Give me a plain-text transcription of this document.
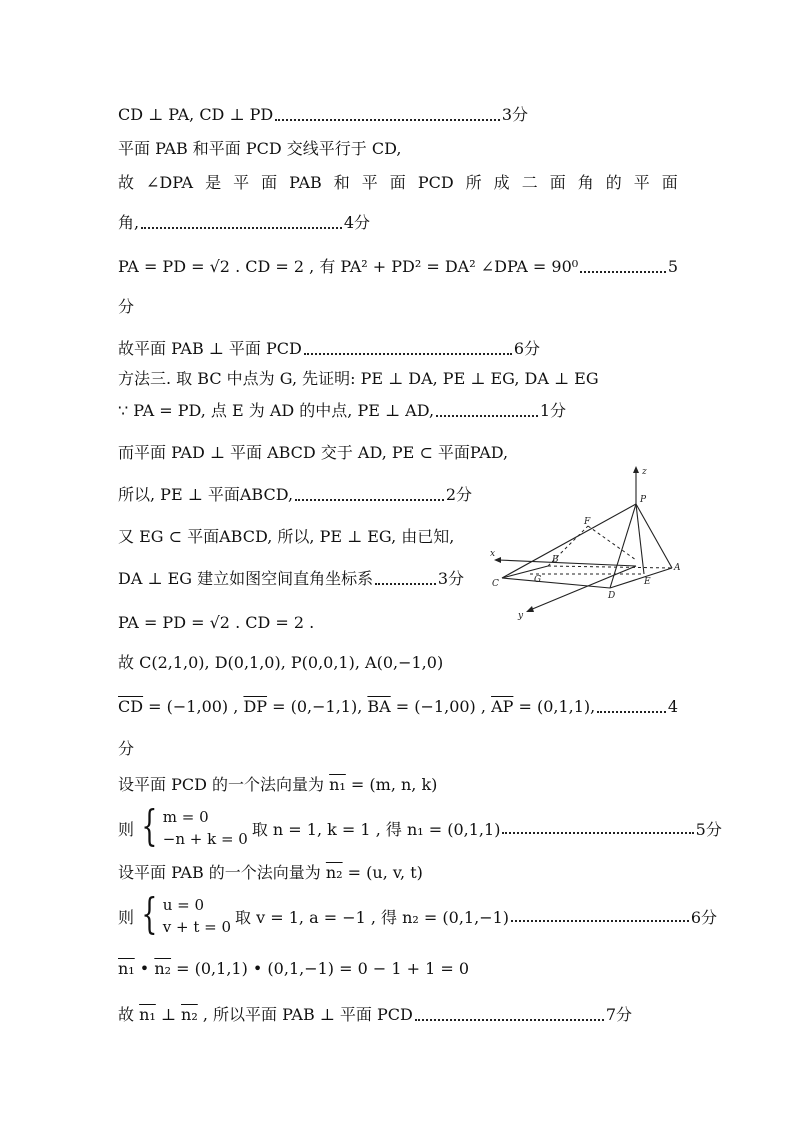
CD ⊥ PA, CD ⊥ PD	3分
平面 PAB 和平面 PCD 交线平行于 CD,
故 ∠DPA 是 平 面 PAB 和 平 面 PCD 所 成 二 面 角 的 平 面
角,	4分
PA = PD = √2 . CD = 2 , 有 PA² + PD² = DA² ∠DPA = 90⁰	5
分
故平面 PAB ⊥ 平面 PCD	6分
方法三. 取 BC 中点为 G, 先证明: PE ⊥ DA, PE ⊥ EG, DA ⊥ EG
∵ PA = PD, 点 E 为 AD 的中点, PE ⊥ AD,	1分
而平面 PAD ⊥ 平面 ABCD 交于 AD, PE ⊂ 平面PAD,
所以, PE ⊥ 平面ABCD,	2分
又 EG ⊂ 平面ABCD, 所以, PE ⊥ EG, 由已知,
DA ⊥ EG 建立如图空间直角坐标系	3分
PA = PD = √2 . CD = 2 .
故 C(2,1,0), D(0,1,0), P(0,0,1), A(0,−1,0)
$\overline{CD} = (-1,00)$ , $\overline{DP} = (0,-1,1)$, $\overline{BA} = (-1,00)$ , $\overline{AP} = (0,1,1)$,	4
分
设平面 PCD 的一个法向量为 n₁ = (m, n, k)
则 { m = 0
−n + k = 0
取 n = 1, k = 1 , 得 n₁ = (0,1,1)	5分
设平面 PAB 的一个法向量为 n₂ = (u, v, t)
则 { u = 0
v + t = 0
取 v = 1, a = −1 , 得 n₂ = (0,1,−1)	6分
n₁ • n₂ = (0,1,1) • (0,1,−1) = 0 − 1 + 1 = 0
故 n₁ ⊥ n₂ , 所以平面 PAB ⊥ 平面 PCD	7分
z
P
F
x
B
C	G	E
A
D
y
